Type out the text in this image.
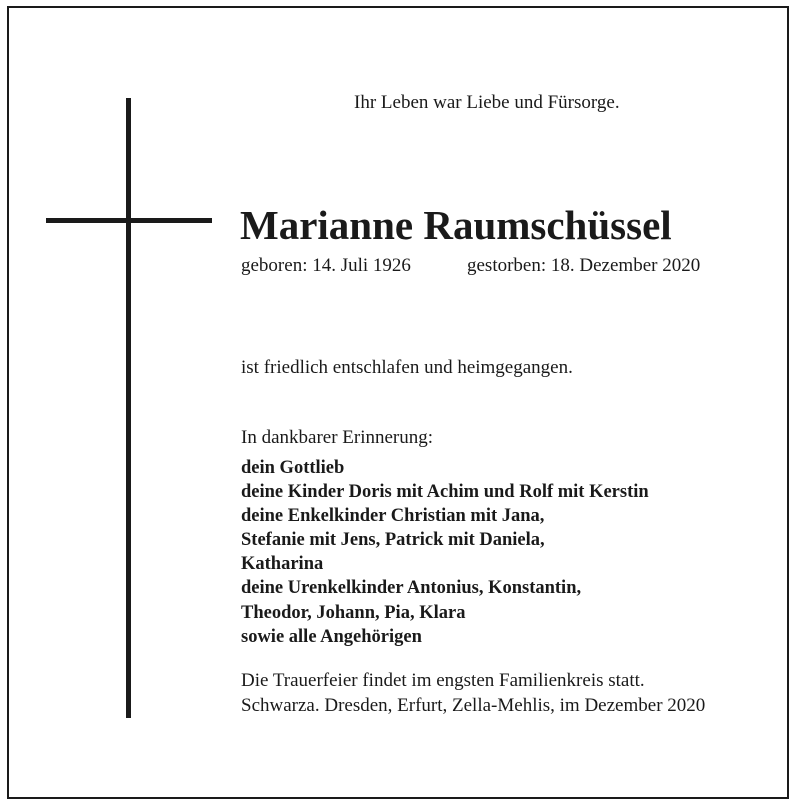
Ihr Leben war Liebe und Fürsorge.
Marianne Raumschüssel
geboren: 14. Juli 1926	gestorben: 18. Dezember 2020
ist friedlich entschlafen und heimgegangen.
In dankbarer Erinnerung:
dein Gottlieb
deine Kinder Doris mit Achim und Rolf mit Kerstin
deine Enkelkinder Christian mit Jana,
Stefanie mit Jens, Patrick mit Daniela,
Katharina
deine Urenkelkinder Antonius, Konstantin,
Theodor, Johann, Pia, Klara
sowie alle Angehörigen
Die Trauerfeier findet im engsten Familienkreis statt.
Schwarza. Dresden, Erfurt, Zella-Mehlis, im Dezember 2020
